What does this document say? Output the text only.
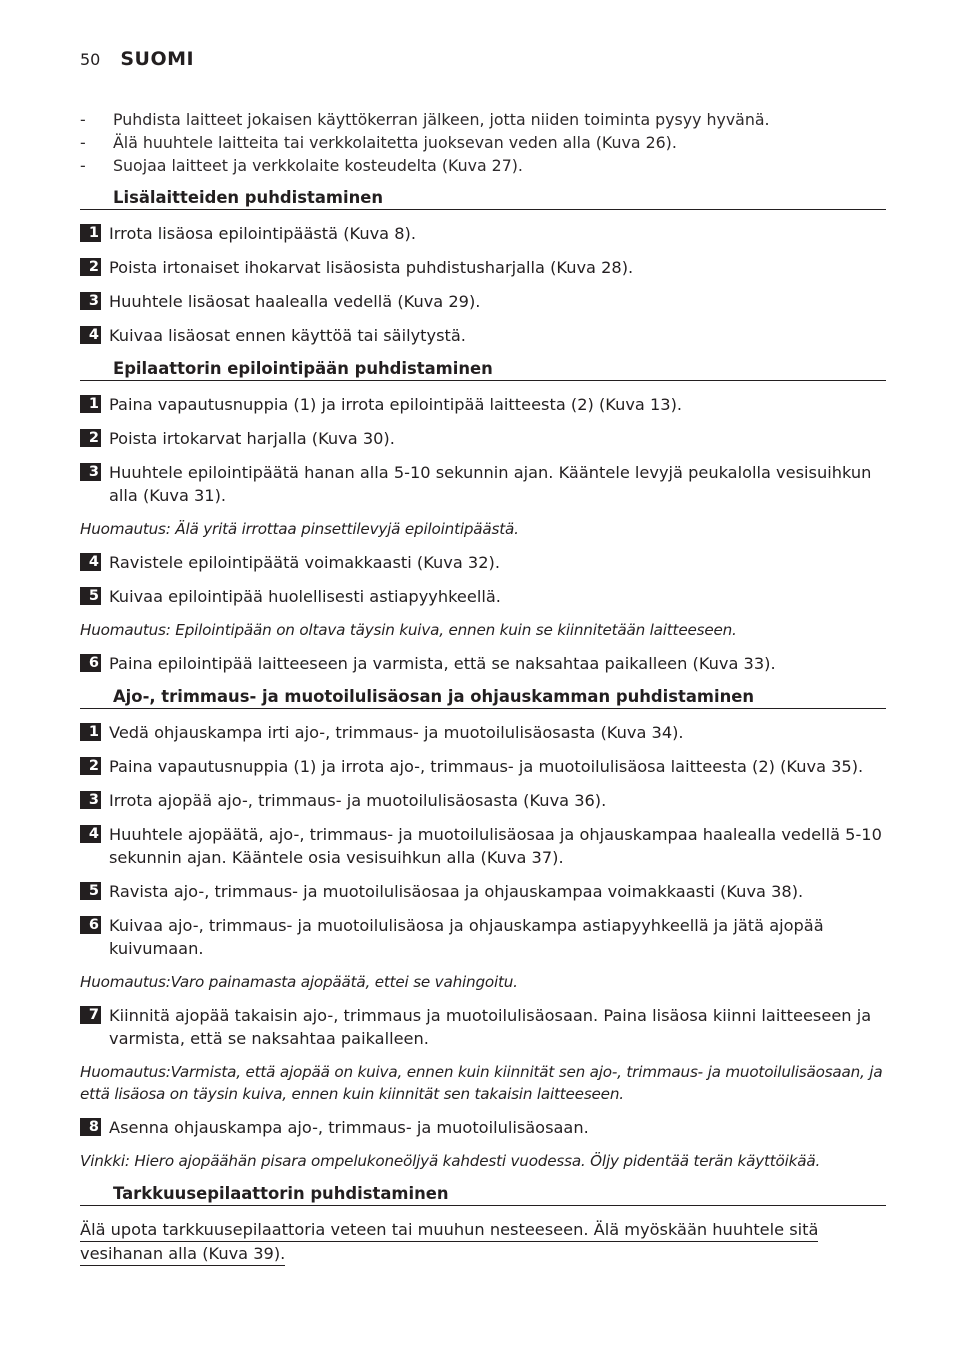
50 SUOMI
- Puhdista laitteet jokaisen käyttökerran jälkeen, jotta niiden toiminta pysyy hyvänä.
- Älä huuhtele laitteita tai verkkolaitetta juoksevan veden alla (Kuva 26).
- Suojaa laitteet ja verkkolaite kosteudelta (Kuva 27).
Lisälaitteiden puhdistaminen
1 Irrota lisäosa epilointipäästä (Kuva 8).
2 Poista irtonaiset ihokarvat lisäosista puhdistusharjalla (Kuva 28).
3 Huuhtele lisäosat haalealla vedellä (Kuva 29).
4 Kuivaa lisäosat ennen käyttöä tai säilytystä.
Epilaattorin epilointipään puhdistaminen
1 Paina vapautusnuppia (1) ja irrota epilointipää laitteesta (2) (Kuva 13).
2 Poista irtokarvat harjalla (Kuva 30).
3 Huuhtele epilointipäätä hanan alla 5-10 sekunnin ajan. Kääntele levyjä peukalolla vesisuihkun alla (Kuva 31).
Huomautus: Älä yritä irrottaa pinsettilevyjä epilointipäästä.
4 Ravistele epilointipäätä voimakkaasti (Kuva 32).
5 Kuivaa epilointipää huolellisesti astiapyyhkeellä.
Huomautus: Epilointipään on oltava täysin kuiva, ennen kuin se kiinnitetään laitteeseen.
6 Paina epilointipää laitteeseen ja varmista, että se naksahtaa paikalleen (Kuva 33).
Ajo-, trimmaus- ja muotoilulisäosan ja ohjauskamman puhdistaminen
1 Vedä ohjauskampa irti ajo-, trimmaus- ja muotoilulisäosasta (Kuva 34).
2 Paina vapautusnuppia (1) ja irrota ajo-, trimmaus- ja muotoilulisäosa laitteesta (2) (Kuva 35).
3 Irrota ajopää ajo-, trimmaus- ja muotoilulisäosasta (Kuva 36).
4 Huuhtele ajopäätä, ajo-, trimmaus- ja muotoilulisäosaa ja ohjauskampaa haalealla vedellä 5-10 sekunnin ajan. Kääntele osia vesisuihkun alla (Kuva 37).
5 Ravista ajo-, trimmaus- ja muotoilulisäosaa ja ohjauskampaa voimakkaasti (Kuva 38).
6 Kuivaa ajo-, trimmaus- ja muotoilulisäosa ja ohjauskampa astiapyyhkeellä ja jätä ajopää kuivumaan.
Huomautus:Varo painamasta ajopäätä, ettei se vahingoitu.
7 Kiinnitä ajopää takaisin ajo-, trimmaus ja muotoilulisäosaan. Paina lisäosa kiinni laitteeseen ja varmista, että se naksahtaa paikalleen.
Huomautus:Varmista, että ajopää on kuiva, ennen kuin kiinnität sen ajo-, trimmaus- ja muotoilulisäosaan, ja että lisäosa on täysin kuiva, ennen kuin kiinnität sen takaisin laitteeseen.
8 Asenna ohjauskampa ajo-, trimmaus- ja muotoilulisäosaan.
Vinkki: Hiero ajopäähän pisara ompelukoneöljyä kahdesti vuodessa. Öljy pidentää terän käyttöikää.
Tarkkuusepilaattorin puhdistaminen
Älä upota tarkkuusepilaattoria veteen tai muuhun nesteeseen. Älä myöskään huuhtele sitä
vesihanan alla (Kuva 39).
